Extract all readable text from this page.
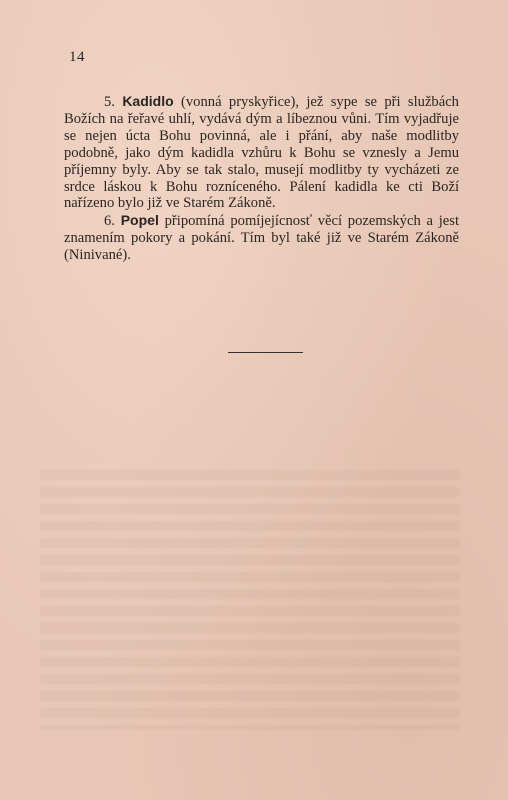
14

5. Kadidlo (vonná pryskyřice), jež sype se při službách Božích na řeřavé uhlí, vydává dým a líbeznou vůni. Tím vyjadřuje se nejen úcta Bohu povinná, ale i přání, aby naše modlitby podobně, jako dým kadidla vzhůru k Bohu se vznesly a Jemu příjemny byly. Aby se tak stalo, musejí modlitby ty vycházeti ze srdce láskou k Bohu rozníceného. Pálení kadidla ke cti Boží nařízeno bylo již ve Starém Zákoně.

6. Popel připomíná pomíjejícnosť věcí pozemských a jest znamením pokory a pokání. Tím byl také již ve Starém Zákoně (Ninivané).
